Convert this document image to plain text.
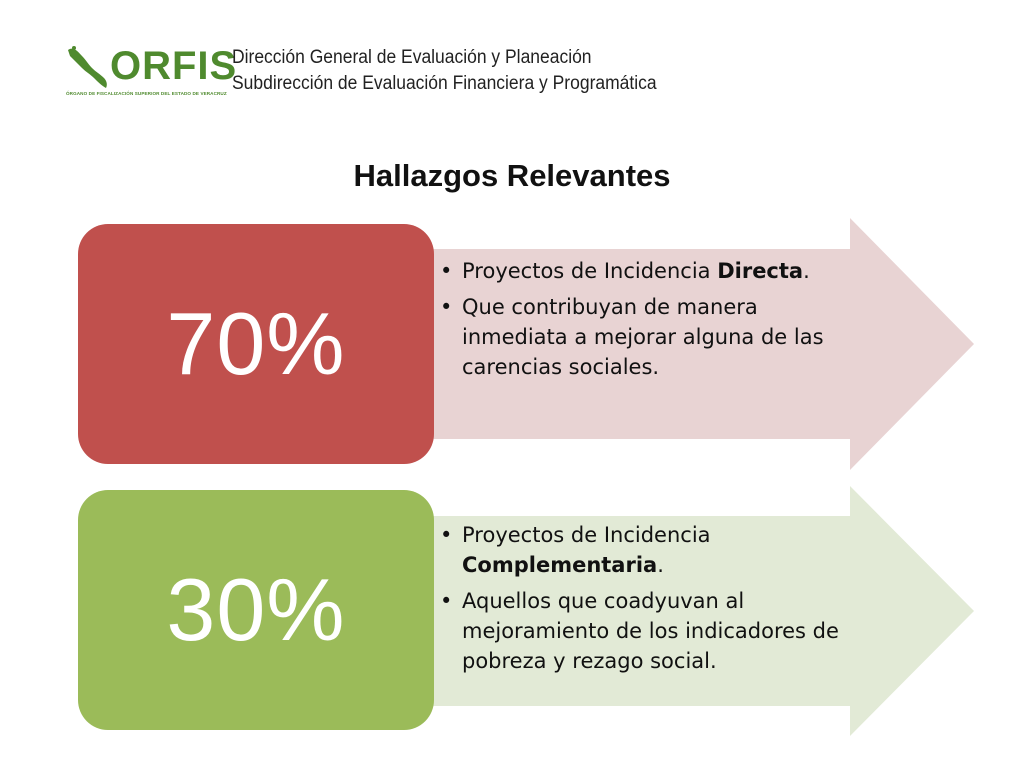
ORFIS
ÓRGANO DE FISCALIZACIÓN SUPERIOR DEL ESTADO DE VERACRUZ
Dirección General de Evaluación y Planeación
Subdirección de Evaluación Financiera y Programática
Hallazgos Relevantes
70%
• Proyectos de Incidencia Directa.
• Que contribuyan de manera inmediata a mejorar alguna de las carencias sociales.
30%
• Proyectos de Incidencia Complementaria.
• Aquellos que coadyuvan al mejoramiento de los indicadores de pobreza y rezago social.
